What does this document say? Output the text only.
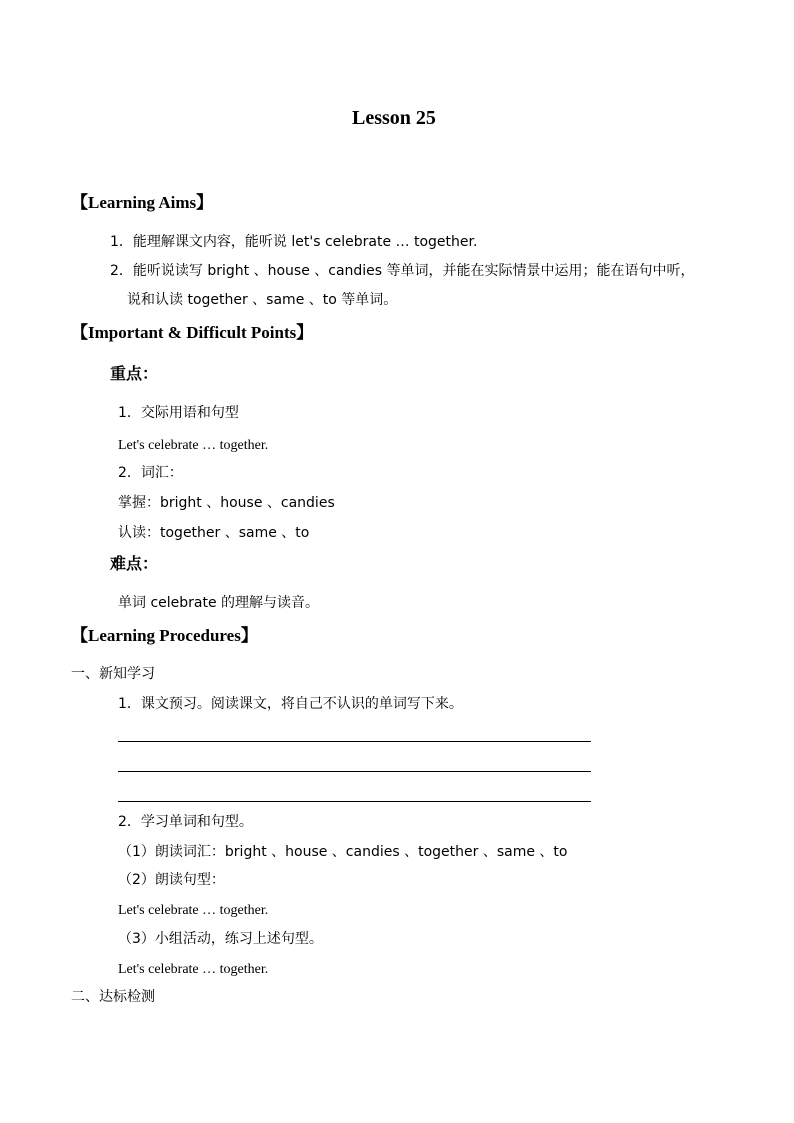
Lesson 25
【Learning Aims】
1．能理解课文内容，能听说 let's celebrate … together.
2．能听说读写 bright 、house 、candies 等单词，并能在实际情景中运用；能在语句中听，
说和认读 together 、same 、to 等单词。
【Important & Difficult Points】
重点：
1．交际用语和句型
Let's celebrate … together.
2．词汇：
掌握：bright 、house 、candies
认读：together 、same 、to
难点：
单词 celebrate 的理解与读音。
【Learning Procedures】
一、新知学习
1．课文预习。阅读课文，将自己不认识的单词写下来。
2．学习单词和句型。
（1）朗读词汇：bright 、house 、candies 、together 、same 、to
（2）朗读句型：
Let's celebrate … together.
（3）小组活动，练习上述句型。
Let's celebrate … together.
二、达标检测
